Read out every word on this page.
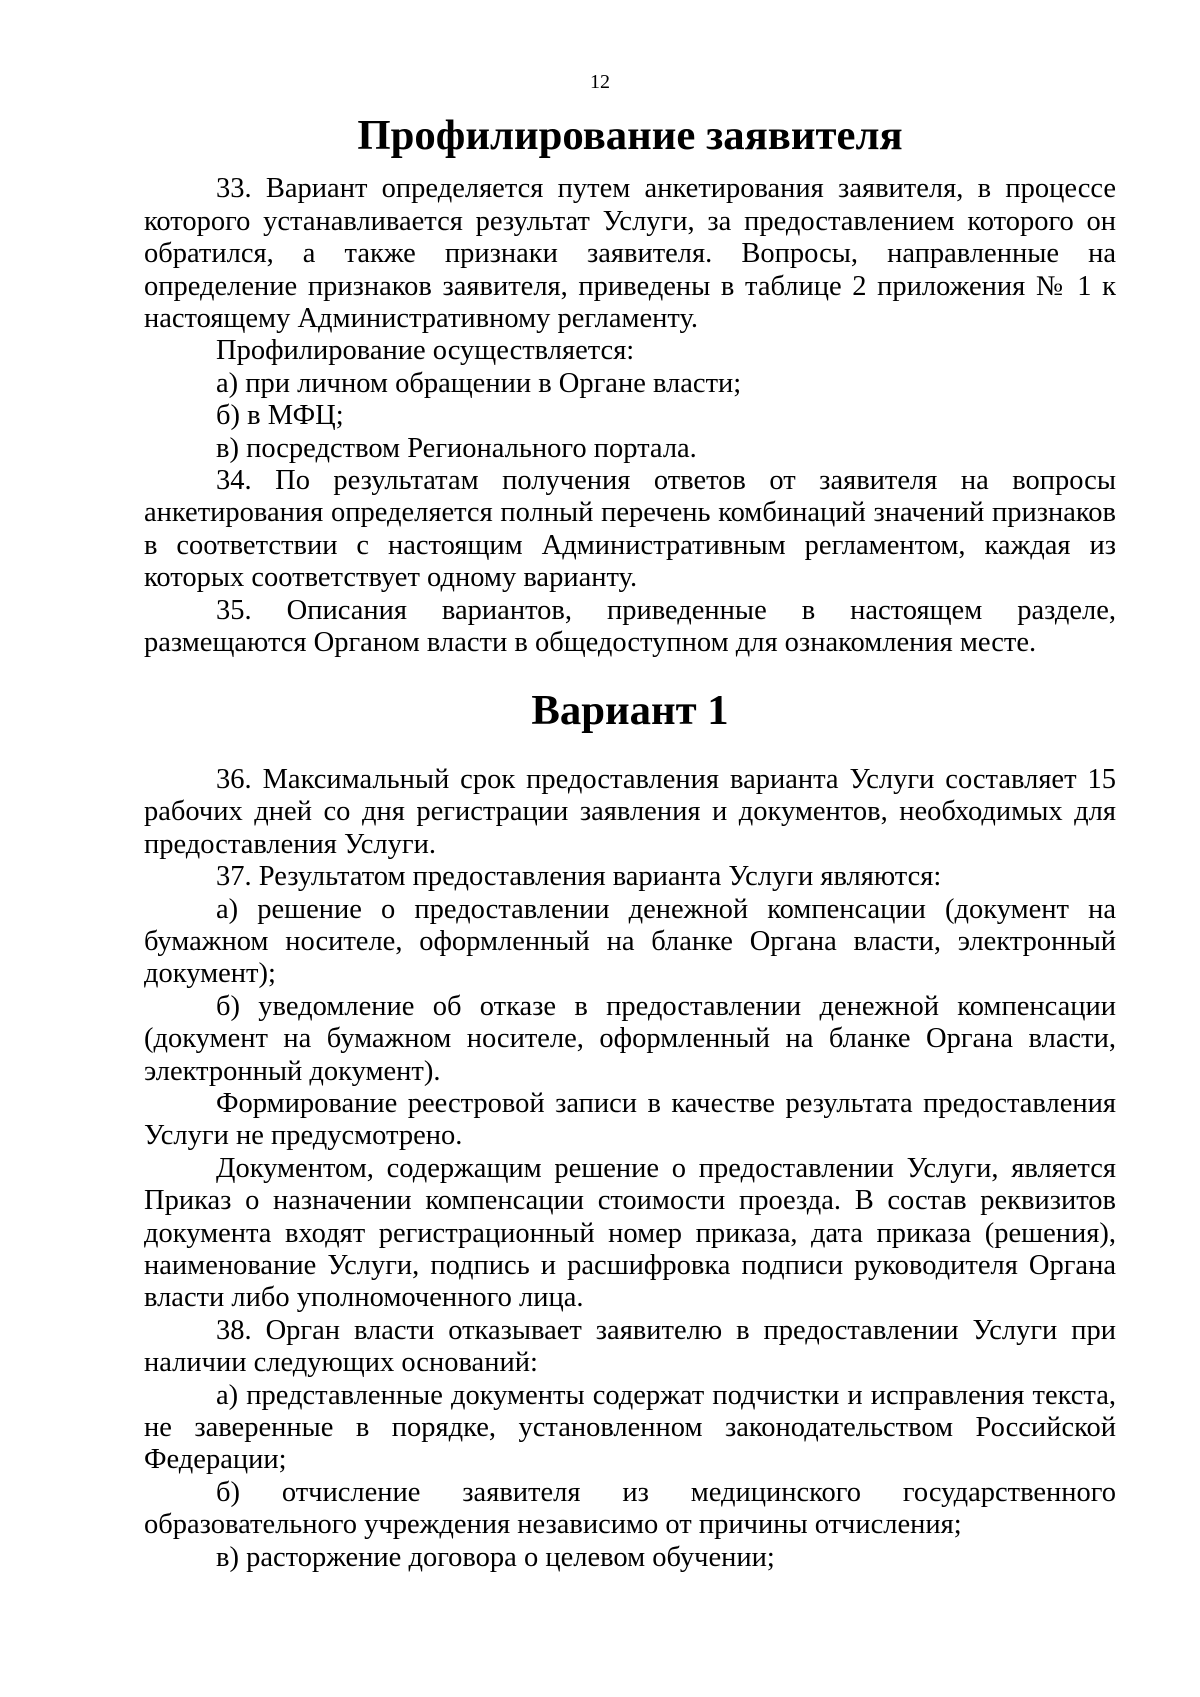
12
Профилирование заявителя

33. Вариант определяется путем анкетирования заявителя, в процессе которого устанавливается результат Услуги, за предоставлением которого он обратился, а также признаки заявителя. Вопросы, направленные на определение признаков заявителя, приведены в таблице 2 приложения № 1 к настоящему Административному регламенту.

Профилирование осуществляется:

а) при личном обращении в Органе власти;

б) в МФЦ;

в) посредством Регионального портала.

34. По результатам получения ответов от заявителя на вопросы анкетирования определяется полный перечень комбинаций значений признаков в соответствии с настоящим Административным регламентом, каждая из которых соответствует одному варианту.

35. Описания вариантов, приведенные в настоящем разделе, размещаются Органом власти в общедоступном для ознакомления месте.

Вариант 1

36. Максимальный срок предоставления варианта Услуги составляет 15 рабочих дней со дня регистрации заявления и документов, необходимых для предоставления Услуги.

37. Результатом предоставления варианта Услуги являются:

а) решение о предоставлении денежной компенсации (документ на бумажном носителе, оформленный на бланке Органа власти, электронный документ);

б) уведомление об отказе в предоставлении денежной компенсации (документ на бумажном носителе, оформленный на бланке Органа власти, электронный документ).

Формирование реестровой записи в качестве результата предоставления Услуги не предусмотрено.

Документом, содержащим решение о предоставлении Услуги, является Приказ о назначении компенсации стоимости проезда. В состав реквизитов документа входят регистрационный номер приказа, дата приказа (решения), наименование Услуги, подпись и расшифровка подписи руководителя Органа власти либо уполномоченного лица.

38. Орган власти отказывает заявителю в предоставлении Услуги при наличии следующих оснований:

а) представленные документы содержат подчистки и исправления текста, не заверенные в порядке, установленном законодательством Российской Федерации;

б) отчисление заявителя из медицинского государственного образовательного учреждения независимо от причины отчисления;

в) расторжение договора о целевом обучении;
